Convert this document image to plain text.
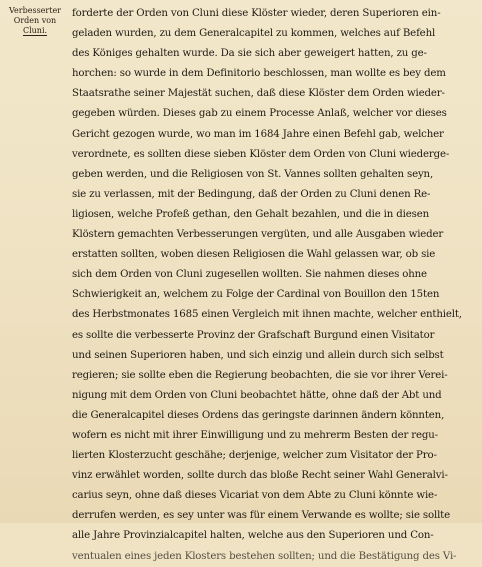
Verbesserter
Orden von
Cluni.
forderte der Orden von Cluni diese Klöster wieder, deren Superioren ein-
geladen wurden, zu dem Generalcapitel zu kommen, welches auf Befehl
des Königes gehalten wurde. Da sie sich aber geweigert hatten, zu ge-
horchen: so wurde in dem Definitorio beschlossen, man wollte es bey dem
Staatsrathe seiner Majestät suchen, daß diese Klöster dem Orden wieder-
gegeben würden. Dieses gab zu einem Processe Anlaß, welcher vor dieses
Gericht gezogen wurde, wo man im 1684 Jahre einen Befehl gab, welcher
verordnete, es sollten diese sieben Klöster dem Orden von Cluni wiederge-
geben werden, und die Religiosen von St. Vannes sollten gehalten seyn,
sie zu verlassen, mit der Bedingung, daß der Orden zu Cluni denen Re-
ligiosen, welche Profeß gethan, den Gehalt bezahlen, und die in diesen
Klöstern gemachten Verbesserungen vergüten, und alle Ausgaben wieder
erstatten sollten, woben diesen Religiosen die Wahl gelassen war, ob sie
sich dem Orden von Cluni zugesellen wollten. Sie nahmen dieses ohne
Schwierigkeit an, welchem zu Folge der Cardinal von Bouillon den 15ten
des Herbstmonates 1685 einen Vergleich mit ihnen machte, welcher enthielt,
es sollte die verbesserte Provinz der Grafschaft Burgund einen Visitator
und seinen Superioren haben, und sich einzig und allein durch sich selbst
regieren; sie sollte eben die Regierung beobachten, die sie vor ihrer Verei-
nigung mit dem Orden von Cluni beobachtet hätte, ohne daß der Abt und
die Generalcapitel dieses Ordens das geringste darinnen ändern könnten,
wofern es nicht mit ihrer Einwilligung und zu mehrerm Besten der regu-
lierten Klosterzucht geschähe; derjenige, welcher zum Visitator der Pro-
vinz erwählet worden, sollte durch das bloße Recht seiner Wahl Generalvi-
carius seyn, ohne daß dieses Vicariat von dem Abte zu Cluni könnte wie-
derrufen werden, es sey unter was für einem Verwande es wollte; sie sollte
alle Jahre Provinzialcapitel halten, welche aus den Superioren und Con-
ventualen eines jeden Klosters bestehen sollten; und die Bestätigung des Vi-
